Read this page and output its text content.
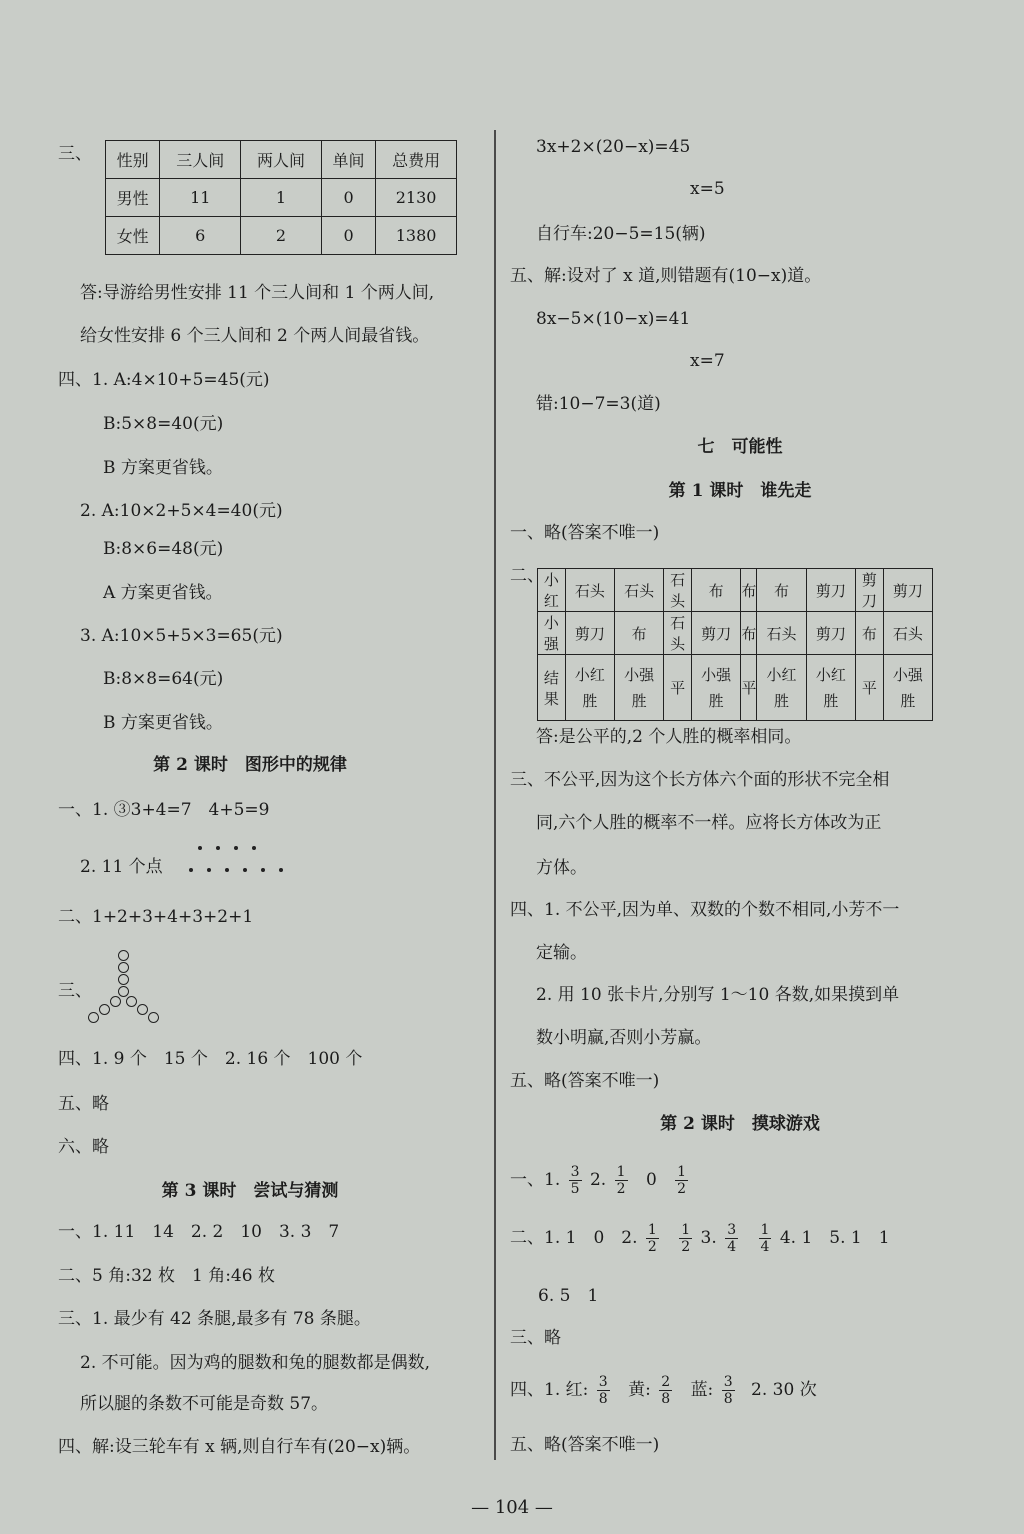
三、 性别	三人间	两人间	单间	总费用
男性	11	1	0	2130
女性	6	2	0	1380
答:导游给男性安排 11 个三人间和 1 个两人间,
给女性安排 6 个三人间和 2 个两人间最省钱。
四、1. A:4×10+5=45(元)
B:5×8=40(元)
B 方案更省钱。
2. A:10×2+5×4=40(元)
B:8×6=48(元)
A 方案更省钱。
3. A:10×5+5×3=65(元)
B:8×8=64(元)
B 方案更省钱。
第 2 课时　图形中的规律
一、1. ③3+4=7　4+5=9
2. 11 个点
二、1+2+3+4+3+2+1
三、
四、1. 9 个　15 个　2. 16 个　100 个
五、略
六、略
第 3 课时　尝试与猜测
一、1. 11　14　2. 2　10　3. 3　7
二、5 角:32 枚　1 角:46 枚
三、1. 最少有 42 条腿,最多有 78 条腿。
2. 不可能。因为鸡的腿数和兔的腿数都是偶数,
所以腿的条数不可能是奇数 57。
四、解:设三轮车有 x 辆,则自行车有(20−x)辆。
3x+2×(20−x)=45
x=5
自行车:20−5=15(辆)
五、解:设对了 x 道,则错题有(10−x)道。
8x−5×(10−x)=41
x=7
错:10−7=3(道)
七　可能性
第 1 课时　谁先走
一、略(答案不唯一)
二、 小红	石头	石头	石头	布	布	布	剪刀	剪刀	剪刀
小强	剪刀	布	石头	剪刀	布	石头	剪刀	布	石头
结果	小红胜	小强胜	平	小强胜	平	小红胜	小红胜	平	小强胜
答:是公平的,2 个人胜的概率相同。
三、不公平,因为这个长方体六个面的形状不完全相
同,六个人胜的概率不一样。应将长方体改为正
方体。
四、1. 不公平,因为单、双数的个数不相同,小芳不一
定输。
2. 用 10 张卡片,分别写 1～10 各数,如果摸到单
数小明赢,否则小芳赢。
五、略(答案不唯一)
第 2 课时　摸球游戏
一、1. $\frac{3}{5} 2$. $\frac{1}{2} 0 \frac{1}{2}$
二、1. 1　0　2. $\frac{1}{2}$
$\frac{1}{2} 3$. $\frac{3}{4}$
$\frac{1}{4} 4$. 1　5. 1　1
6. 5　1
三、略
四、1. 红: $\frac{3}{8}$ 黄: $\frac{2}{8}$ 蓝: $\frac{3}{8} 2$. 30 次
五、略(答案不唯一)
— 104 —
